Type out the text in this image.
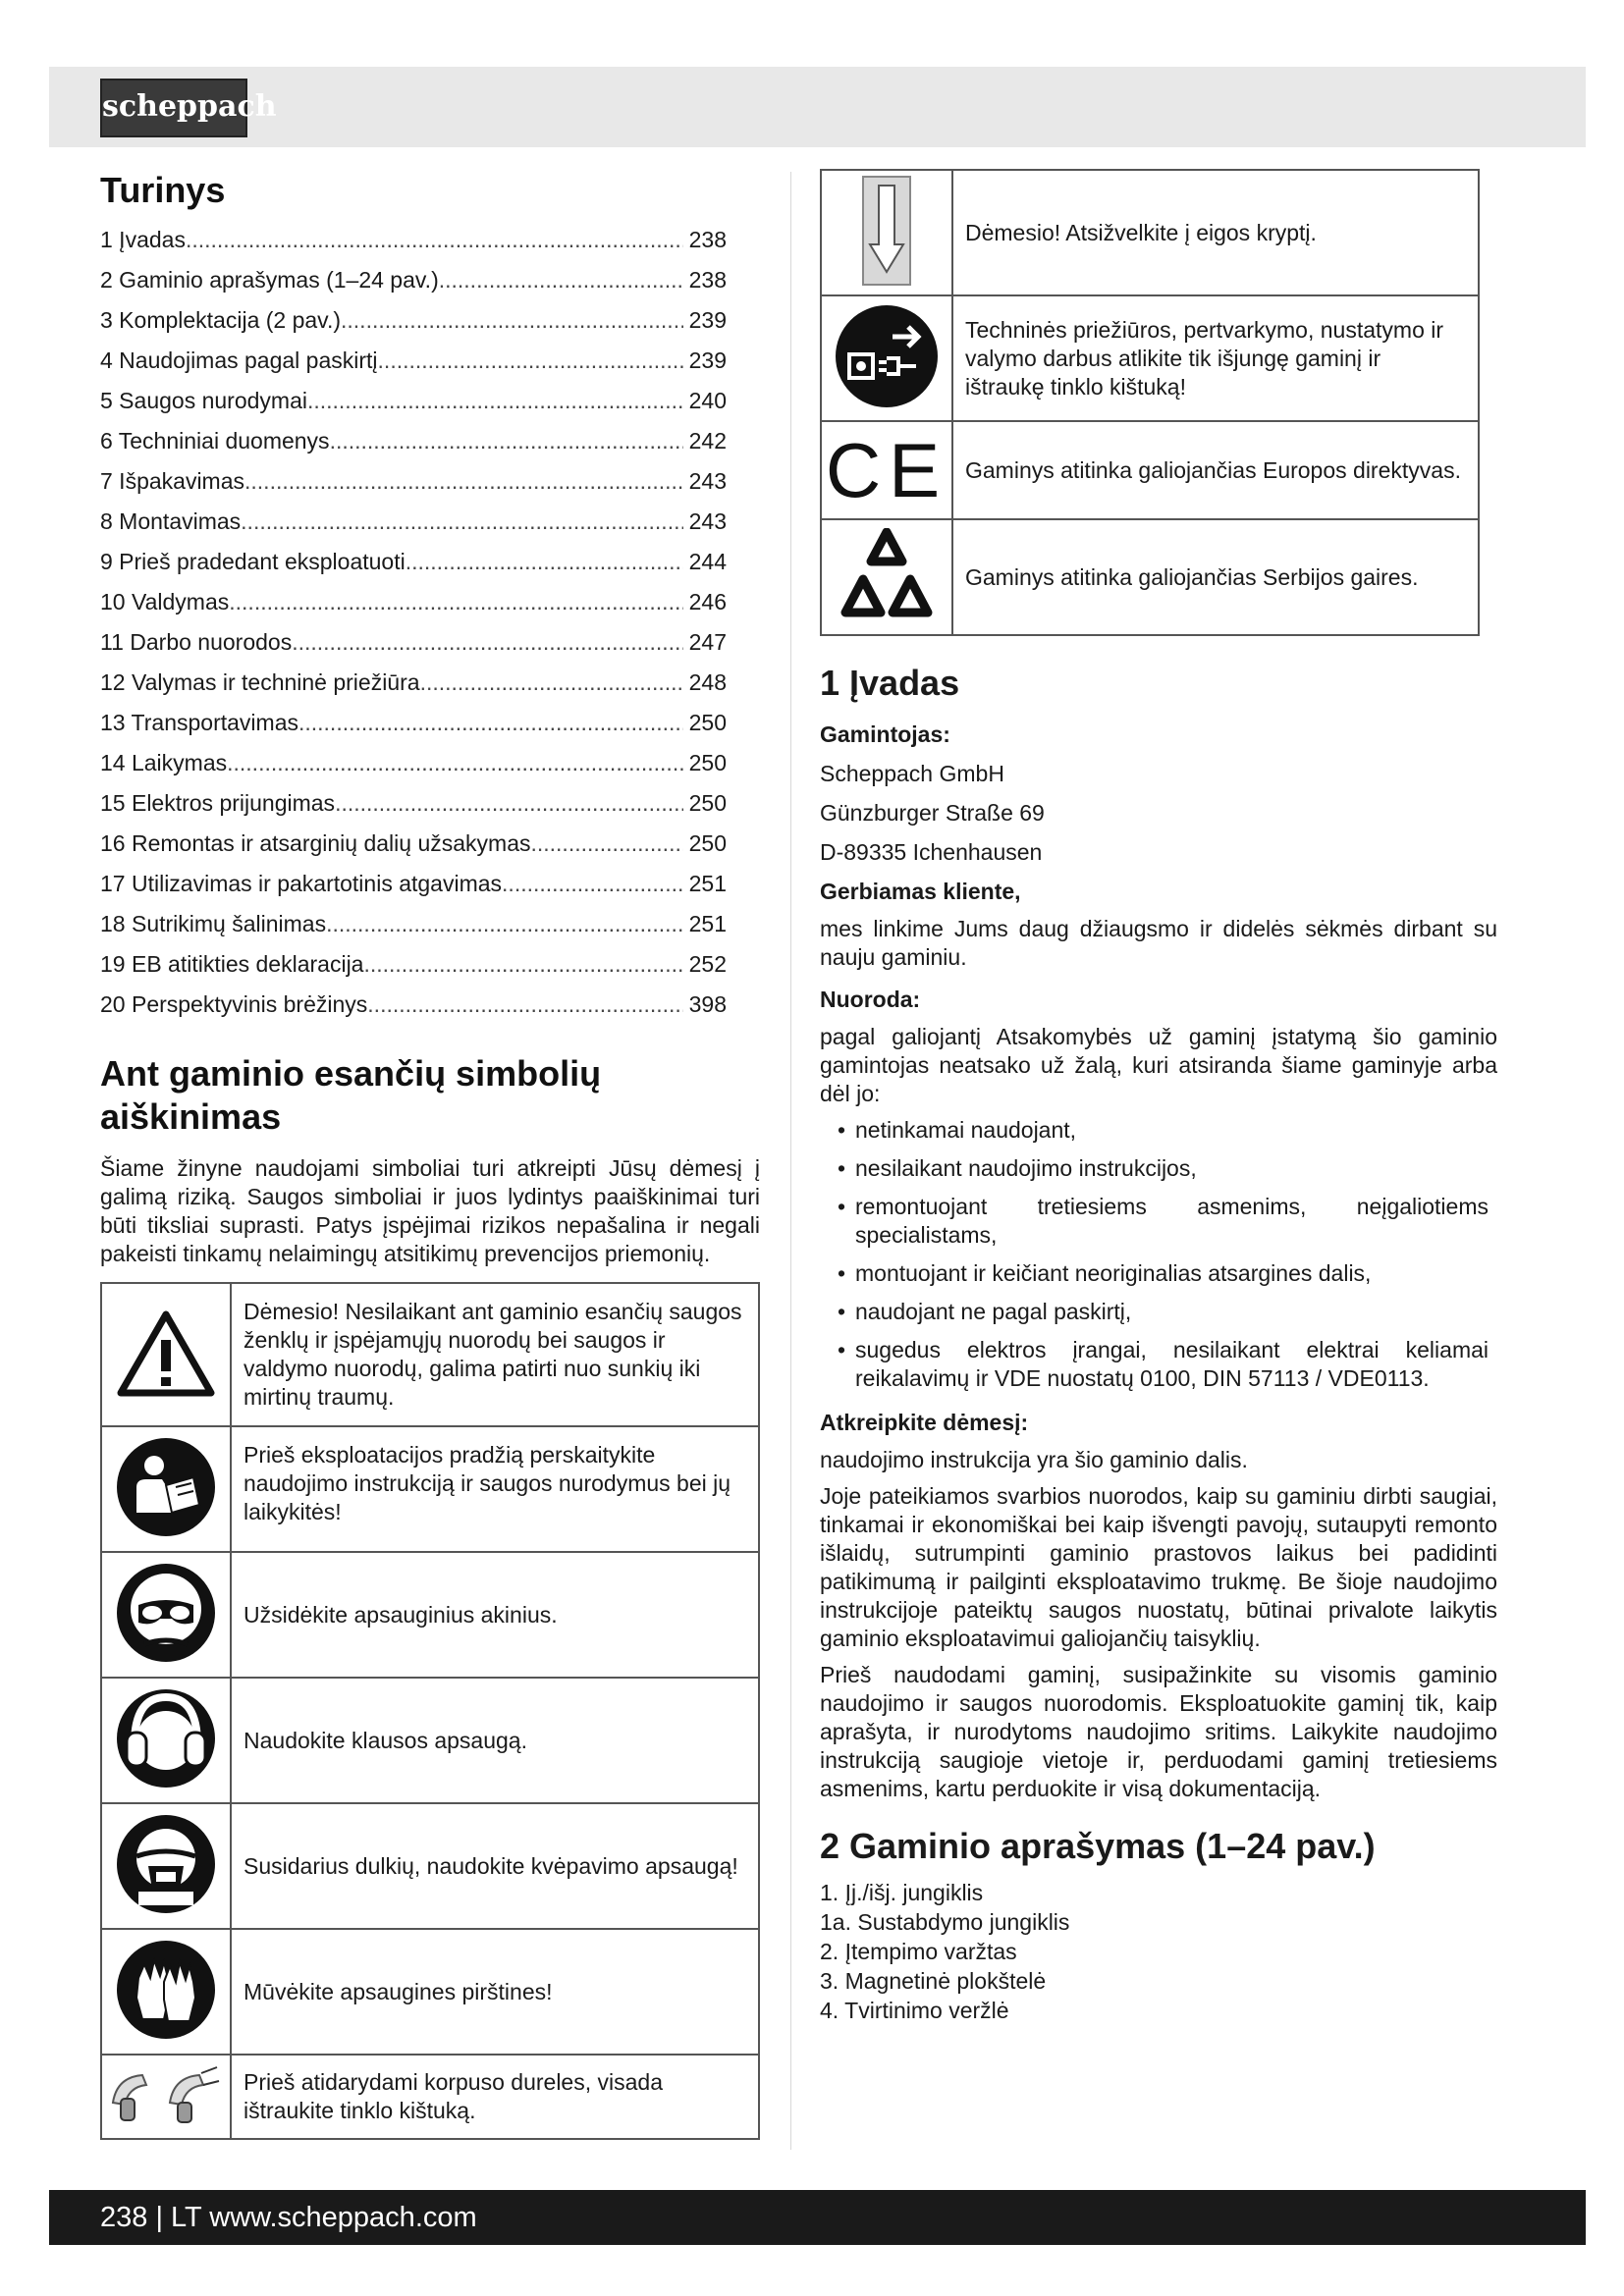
scheppach
Turinys
1 Įvadas .....	238
2 Gaminio aprašymas (1–24 pav.) .....	238
3 Komplektacija (2 pav.) .....	239
4 Naudojimas pagal paskirtį .....	239
5 Saugos nurodymai .....	240
6 Techniniai duomenys .....	242
7 Išpakavimas .....	243
8 Montavimas .....	243
9 Prieš pradedant eksploatuoti .....	244
10 Valdymas .....	246
11 Darbo nuorodos .....	247
12 Valymas ir techninė priežiūra .....	248
13 Transportavimas .....	250
14 Laikymas .....	250
15 Elektros prijungimas .....	250
16 Remontas ir atsarginių dalių užsakymas .....	250
17 Utilizavimas ir pakartotinis atgavimas .....	251
18 Sutrikimų šalinimas .....	251
19 EB atitikties deklaracija .....	252
20 Perspektyvinis brėžinys .....	398
Ant gaminio esančių simbolių aiškinimas

Šiame žinyne naudojami simboliai turi atkreipti Jūsų dėmesį į galimą riziką. Saugos simboliai ir juos lydintys paaiškinimai turi būti tiksliai suprasti. Patys įspėjimai rizikos nepašalina ir negali pakeisti tinkamų nelaimingų atsitikimų prevencijos priemonių.

	Dėmesio! Nesilaikant ant gaminio esančių saugos ženklų ir įspėjamųjų nuorodų bei saugos ir valdymo nuorodų, galima patirti nuo sunkių iki mirtinų traumų.
	Prieš eksploatacijos pradžią perskaitykite naudojimo instrukciją ir saugos nurodymus bei jų laikykitės!
	Užsidėkite apsauginius akinius.
	Naudokite klausos apsaugą.
	Susidarius dulkių, naudokite kvėpavimo apsaugą!
	Mūvėkite apsaugines pirštines!
	Prieš atidarydami korpuso dureles, visada ištraukite tinklo kištuką.
	Dėmesio! Atsižvelkite į eigos kryptį.
	Techninės priežiūros, pertvarkymo, nustatymo ir valymo darbus atlikite tik išjungę gaminį ir ištraukę tinklo kištuką!
CE	Gaminys atitinka galiojančias Europos direktyvas.
	Gaminys atitinka galiojančias Serbijos gaires.
1 Įvadas
Gamintojas:
Scheppach GmbH
Günzburger Straße 69
D-89335 Ichenhausen
Gerbiamas kliente,

mes linkime Jums daug džiaugsmo ir didelės sėkmės dirbant su nauju gaminiu.

Nuoroda:

pagal galiojantį Atsakomybės už gaminį įstatymą šio gaminio gamintojas neatsako už žalą, kuri atsiranda šiame gaminyje arba dėl jo:

• netinkamai naudojant,
• nesilaikant naudojimo instrukcijos,
• remontuojant tretiesiems asmenims, neįgaliotiems specialistams,
• montuojant ir keičiant neoriginalias atsargines dalis,
• naudojant ne pagal paskirtį,
• sugedus elektros įrangai, nesilaikant elektrai keliamai reikalavimų ir VDE nuostatų 0100, DIN 57113 / VDE0113.
Atkreipkite dėmesį:

naudojimo instrukcija yra šio gaminio dalis.

Joje pateikiamos svarbios nuorodos, kaip su gaminiu dirbti saugiai, tinkamai ir ekonomiškai bei kaip išvengti pavojų, sutaupyti remonto išlaidų, sutrumpinti gaminio prastovos laikus bei padidinti patikimumą ir pailginti eksploatavimo trukmę. Be šioje naudojimo instrukcijoje pateiktų saugos nuostatų, būtinai privalote laikytis gaminio eksploatavimui galiojančių taisyklių.

Prieš naudodami gaminį, susipažinkite su visomis gaminio naudojimo ir saugos nuorodomis. Eksploatuokite gaminį tik, kaip aprašyta, ir nurodytoms naudojimo sritims. Laikykite naudojimo instrukciją saugioje vietoje ir, perduodami gaminį tretiesiems asmenims, kartu perduokite ir visą dokumentaciją.

2 Gaminio aprašymas (1–24 pav.)
1. Įj./išj. jungiklis
1a. Sustabdymo jungiklis
2. Įtempimo varžtas
3. Magnetinė plokštelė
4. Tvirtinimo veržlė
238 | LT www.scheppach.com
